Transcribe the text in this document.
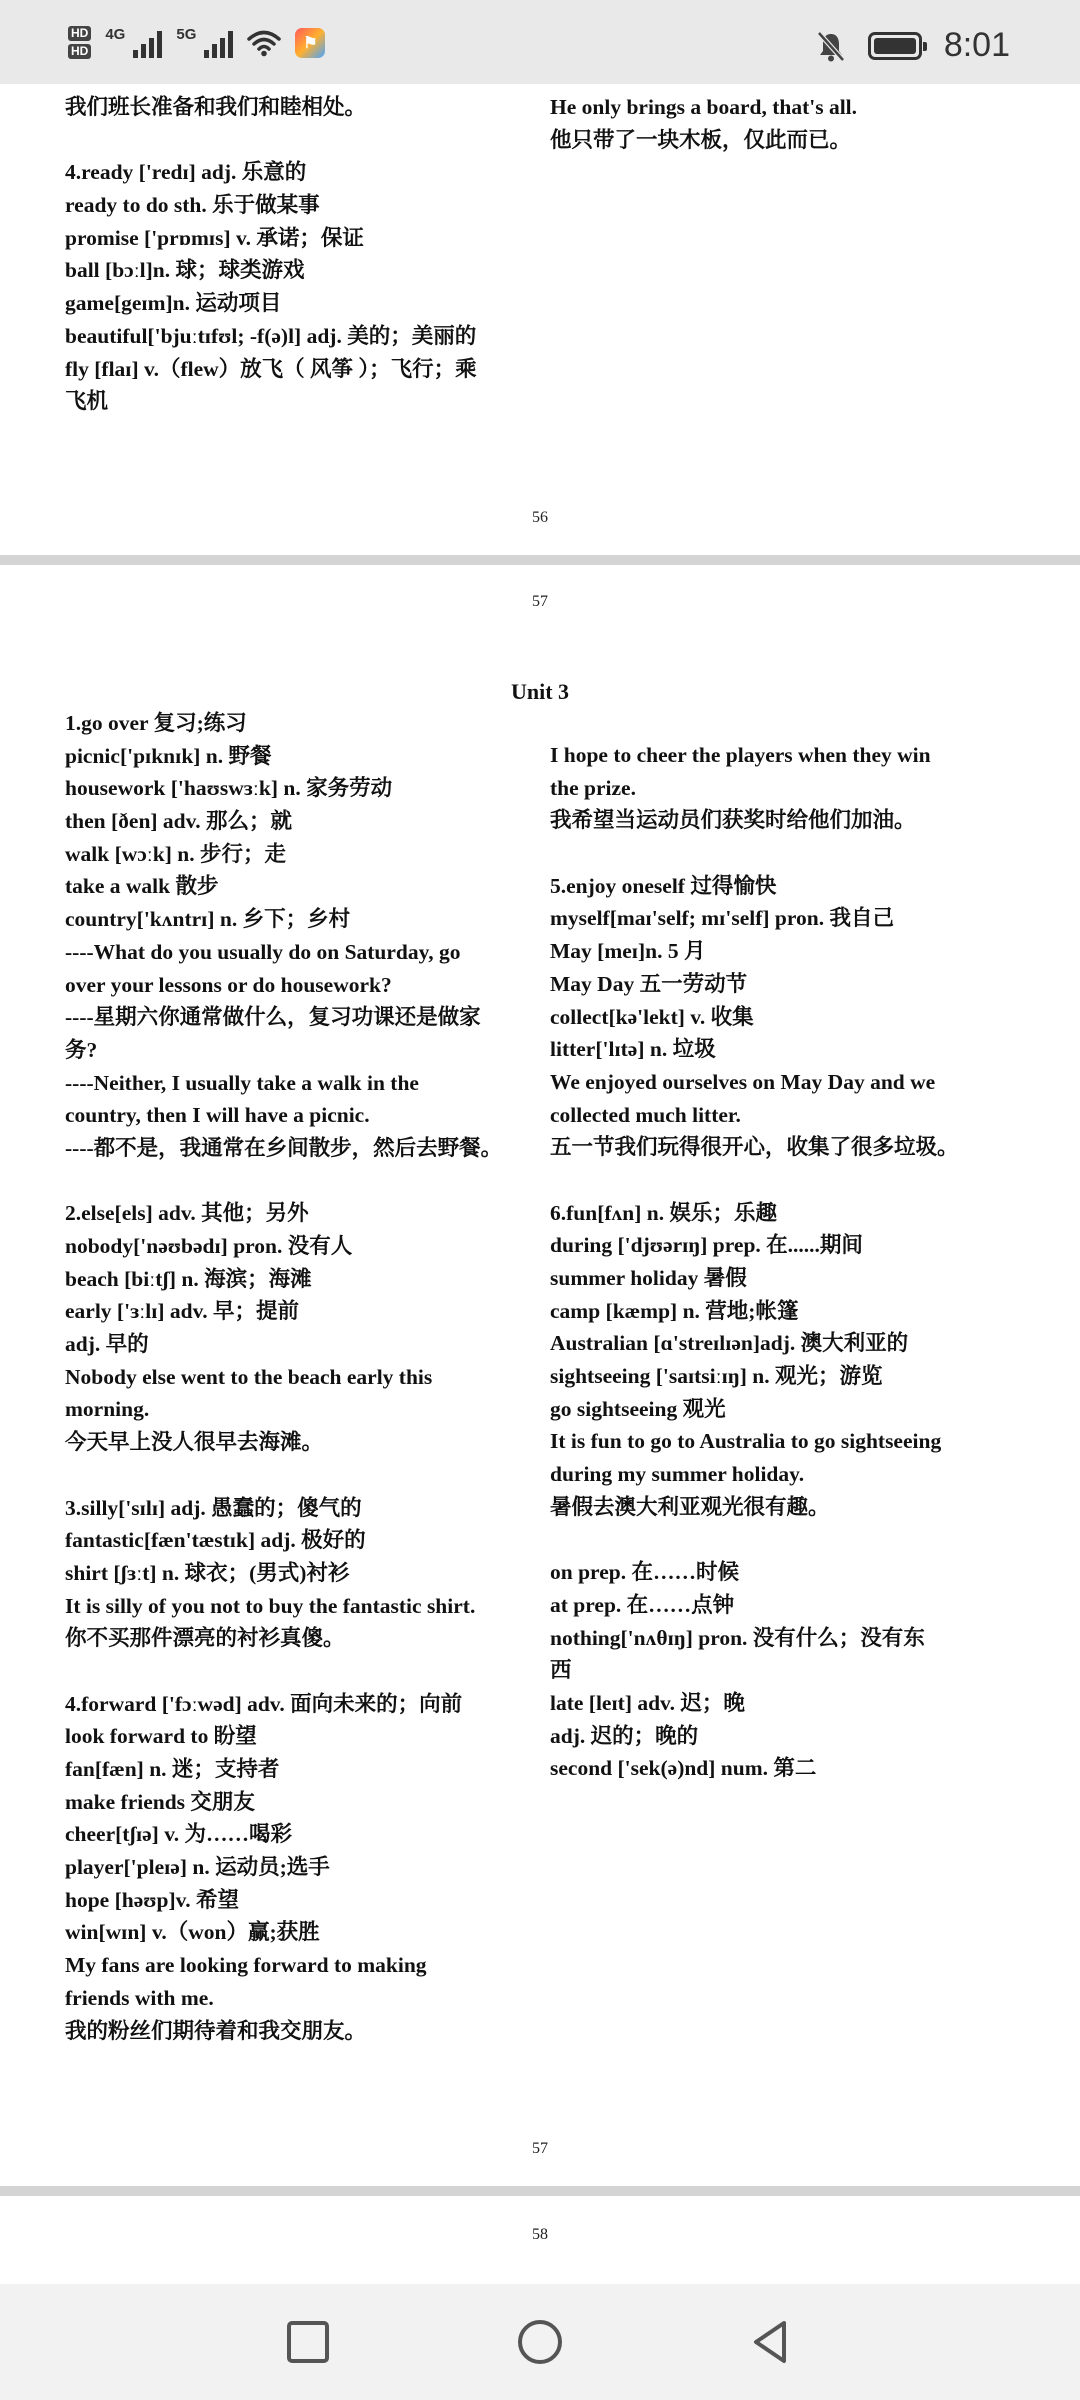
HD
HD
4G	5G	⚑	8:01
我们班长准备和我们和睦相处。
4.ready ['redɪ] adj. 乐意的
ready to do sth. 乐于做某事
promise ['prɒmɪs] v. 承诺；保证
ball [bɔːl]n. 球；球类游戏
game[geɪm]n. 运动项目
beautiful['bjuːtɪfʊl; -f(ə)l] adj. 美的；美丽的
fly [flaɪ] v.（flew）放飞（ 风筝 ）；飞行；乘
飞机
He only brings a board, that's all.
他只带了一块木板，仅此而已。
56
57
Unit 3
1.go over 复习;练习
picnic['pɪknɪk] n. 野餐
housework ['haʊswɜːk] n. 家务劳动
then [ðen] adv. 那么；就
walk [wɔːk] n. 步行；走
take a walk 散步
country['kʌntrɪ] n. 乡下；乡村
----What do you usually do on Saturday, go
over your lessons or do housework?
----星期六你通常做什么，复习功课还是做家
务?
----Neither, I usually take a walk in the
country, then I will have a picnic.
----都不是，我通常在乡间散步，然后去野餐。
2.else[els] adv. 其他；另外
nobody['nəʊbədɪ] pron. 没有人
beach [biːtʃ] n. 海滨；海滩
early ['ɜːlɪ] adv. 早；提前
adj. 早的
Nobody else went to the beach early this
morning.
今天早上没人很早去海滩。
3.silly['sɪlɪ] adj. 愚蠢的；傻气的
fantastic[fæn'tæstɪk] adj. 极好的
shirt [ʃɜːt] n. 球衣；(男式)衬衫
It is silly of you not to buy the fantastic shirt.
你不买那件漂亮的衬衫真傻。
4.forward ['fɔːwəd] adv. 面向未来的；向前
look forward to 盼望
fan[fæn] n. 迷；支持者
make friends 交朋友
cheer[tʃɪə] v. 为……喝彩
player['pleɪə] n. 运动员;选手
hope [həʊp]v. 希望
win[wɪn] v.（won）赢;获胜
My fans are looking forward to making
friends with me.
我的粉丝们期待着和我交朋友。
I hope to cheer the players when they win
the prize.
我希望当运动员们获奖时给他们加油。
5.enjoy oneself 过得愉快
myself[maɪ'self; mɪ'self] pron. 我自己
May [meɪ]n. 5 月
May Day 五一劳动节
collect[kə'lekt] v. 收集
litter['lɪtə] n. 垃圾
We enjoyed ourselves on May Day and we
collected much litter.
五一节我们玩得很开心，收集了很多垃圾。
6.fun[fʌn] n. 娱乐；乐趣
during ['djʊərɪŋ] prep. 在......期间
summer holiday 暑假
camp [kæmp] n. 营地;帐篷
Australian [ɑ'streɪlɪən]adj. 澳大利亚的
sightseeing ['saɪtsiːɪŋ] n. 观光；游览
go sightseeing 观光
It is fun to go to Australia to go sightseeing
during my summer holiday.
暑假去澳大利亚观光很有趣。
on prep. 在……时候
at prep. 在……点钟
nothing['nʌθɪŋ] pron. 没有什么；没有东
西
late [leɪt] adv. 迟；晚
adj. 迟的；晚的
second ['sek(ə)nd] num. 第二
57
58
